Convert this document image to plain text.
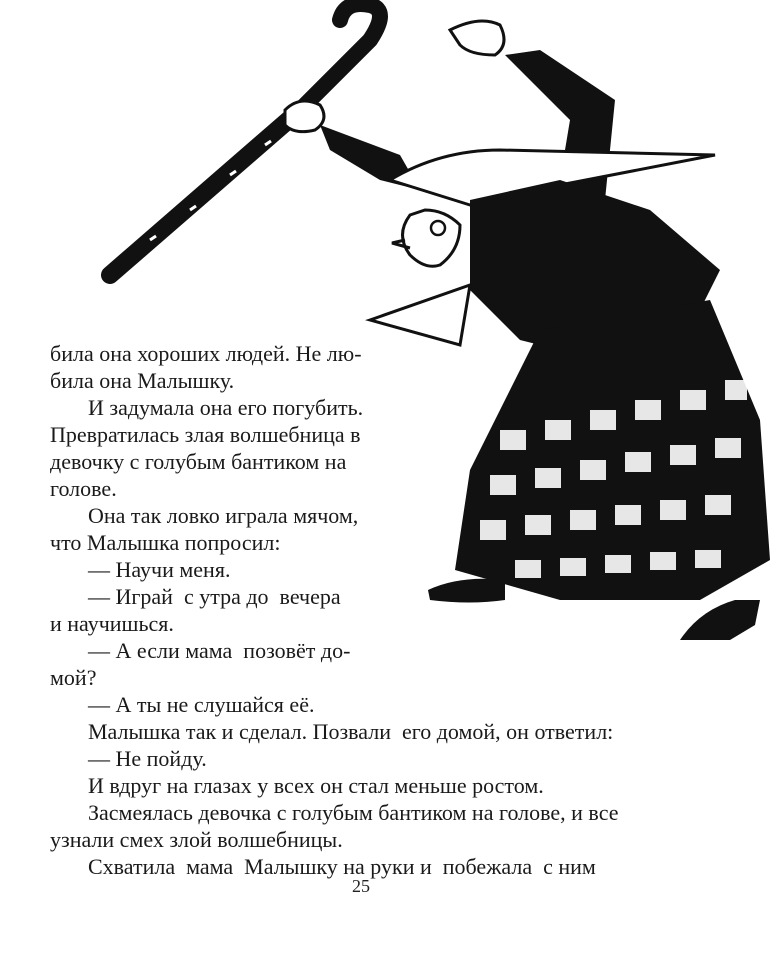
била она хороших людей. Не лю-
била она Малышку.
И задумала она его погубить.
Превратилась злая волшебница в
девочку с голубым бантиком на
голове.
Она так ловко играла мячом,
что Малышка попросил:
— Научи меня.
— Играй  с утра до  вечера
и научишься.
— А если мама  позовёт до-
мой?
— А ты не слушайся её.
Малышка так и сделал. Позвали  его домой, он ответил:
— Не пойду.
И вдруг на глазах у всех он стал меньше ростом.
Засмеялась девочка с голубым бантиком на голове, и все
узнали смех злой волшебницы.
Схватила  мама  Малышку на руки и  побежала  с ним
25
